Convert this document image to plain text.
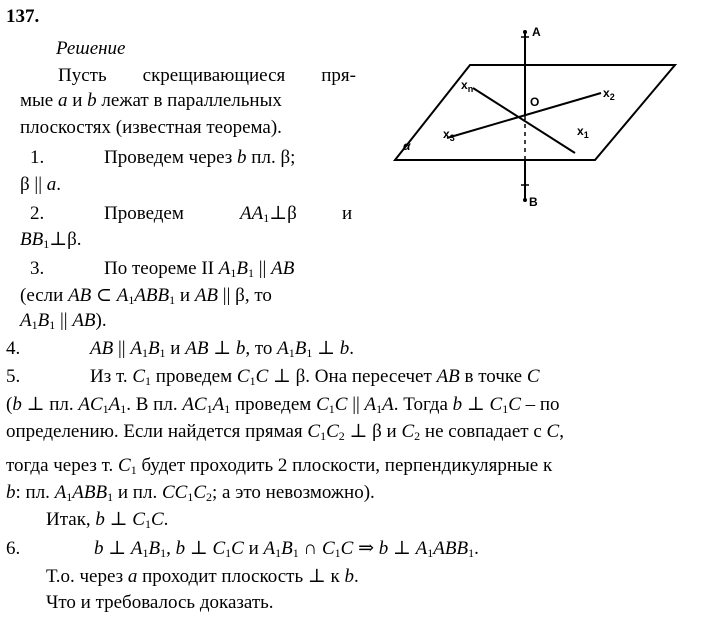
137.
Решение
Пусть скрещивающиеся пря-
мые a и b лежат в параллельных
плоскостях (известная теорема).
1.	Проведем через b пл. β;
β || a.
2.	Проведем	$AA_1\perp\beta$ и
$BB_1\perp\beta$.
3.	По теореме II $A_1B_1$ || AB
(если AB ⊂ $A_1ABB_1$ и AB || β, то
$A_1B_1$ || AB).
4.	AB || $A_1B_1$ и AB ⊥ b, то $A_1B_1$ ⊥ b.
5.	Из т. $C_1$ проведем $C_1C$ ⊥ β. Она пересечет AB в точке C
(b ⊥ пл. $AC_1A_1$. В пл. $AC_1A_1$ проведем $C_1C$ || $A_1A$. Тогда b ⊥ $C_1C$ – по
определению. Если найдется прямая $C_1C_2$ ⊥ β и $C_2$ не совпадает с C,
тогда через т. $C_1$ будет проходить 2 плоскости, перпендикулярные к
b: пл. $A_1ABB_1$ и пл. $CC_1C_2$; а это невозможно).
Итак, b ⊥ $C_1C$.
6.	b ⊥ $A_1B_1$, b ⊥ $C_1C$ и $A_1B_1$ ∩ $C_1C$ ⇒ b ⊥ $A_1ABB_1$.
Т.о. через a проходит плоскость ⊥ к b.
Что и требовалось доказать.
A
B
O
α
$x_n$	$x_2$
$x_1$
$x_3$
